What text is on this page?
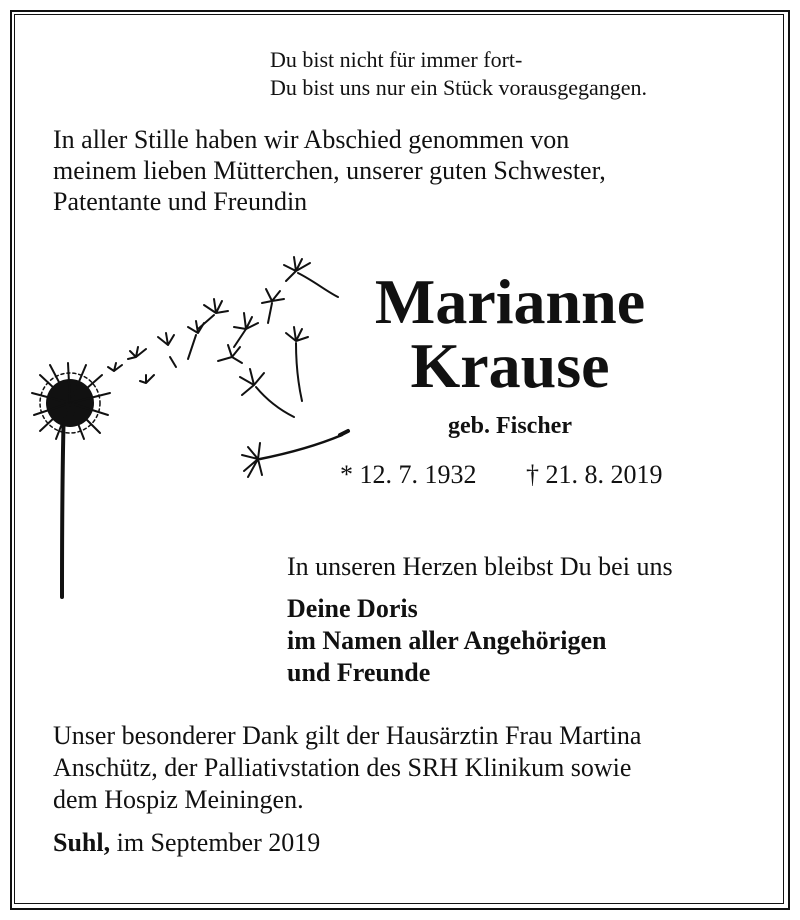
Du bist nicht für immer fort-
Du bist uns nur ein Stück vorausgegangen.
In aller Stille haben wir Abschied genommen von
meinem lieben Mütterchen, unserer guten Schwester,
Patentante und Freundin
Marianne
Krause
geb. Fischer
* 12. 7. 1932 † 21. 8. 2019
In unseren Herzen bleibst Du bei uns
Deine Doris
im Namen aller Angehörigen
und Freunde
Unser besonderer Dank gilt der Hausärztin Frau Martina
Anschütz, der Palliativstation des SRH Klinikum sowie
dem Hospiz Meiningen.
Suhl, im September 2019
